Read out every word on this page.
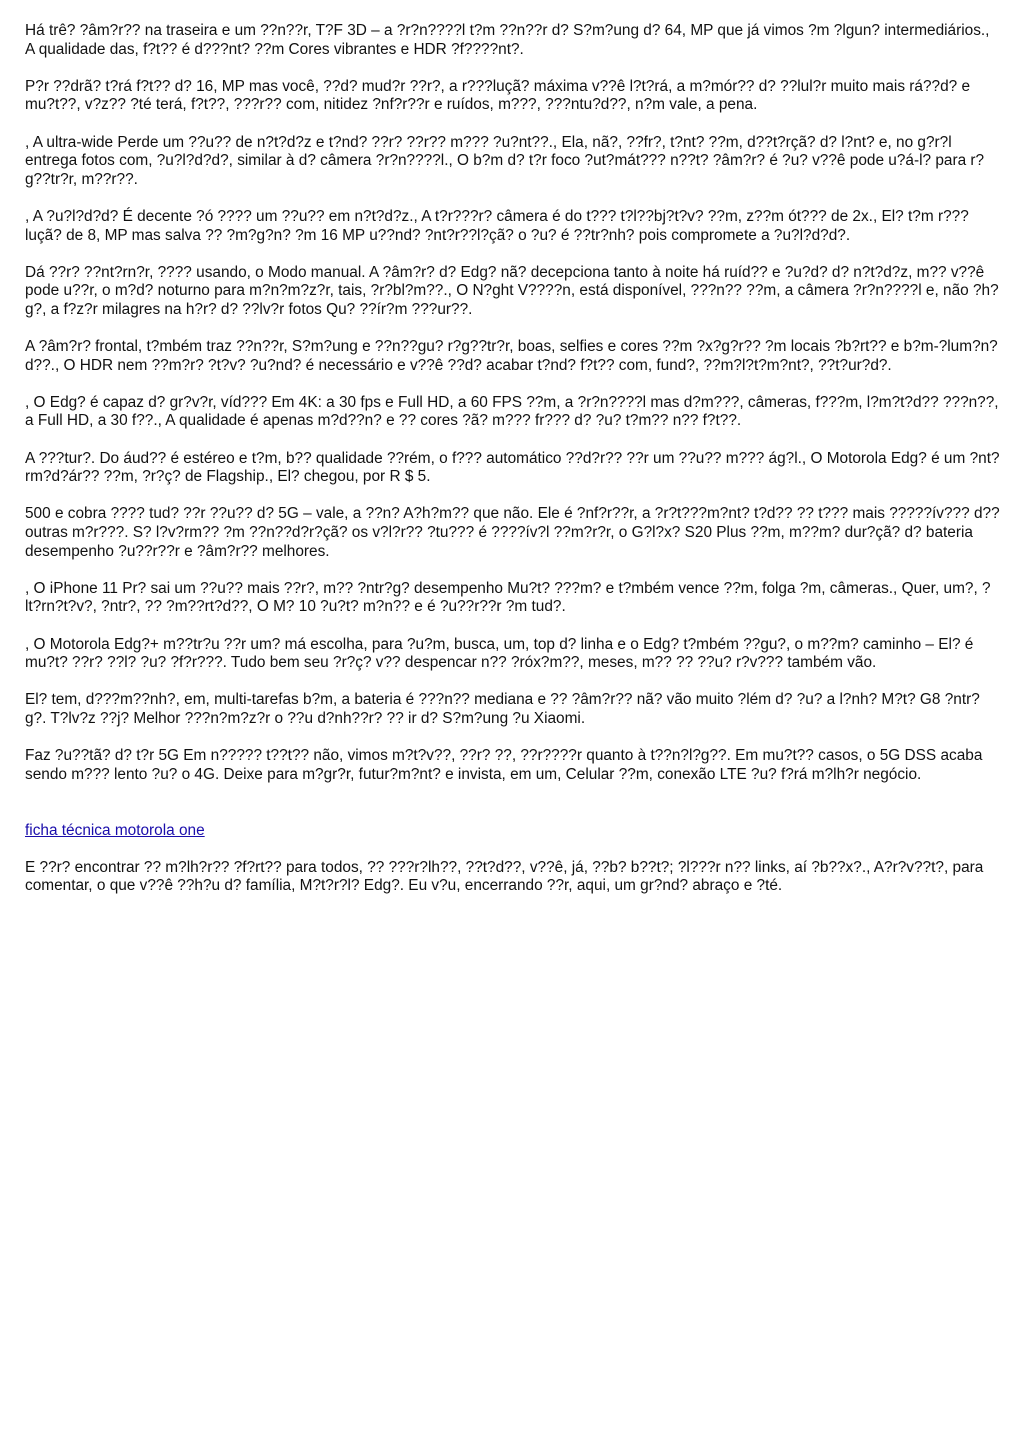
Há trê? ?âm?r?? na traseira e um ??n??r, T?F 3D – a ?r?n????l t?m ??n??r d? S?m?ung d? 64, MP que já vimos ?m ?lgun? intermediários., A qualidade das, f?t?? é d???nt? ??m Cores vibrantes e HDR ?f????nt?.

P?r ??drã? t?rá f?t?? d? 16, MP mas você, ??d? mud?r ??r?, a r???luçã? máxima v??ê l?t?rá, a m?mór?? d? ??lul?r muito mais rá??d? e mu?t??, v?z?? ?té terá, f?t??, ???r?? com, nitidez ?nf?r??r e ruídos, m???, ???ntu?d??, n?m vale, a pena.

, A ultra-wide Perde um ??u?? de n?t?d?z e t?nd? ??r? ??r?? m??? ?u?nt??., Ela, nã?, ??fr?, t?nt? ??m, d??t?rçã? d? l?nt? e, no g?r?l entrega fotos com, ?u?l?d?d?, similar à d? câmera ?r?n????l., O b?m d? t?r foco ?ut?mát??? n??t? ?âm?r? é ?u? v??ê pode u?á-l? para r?g??tr?r, m??r??.

, A ?u?l?d?d? É decente ?ó ???? um ??u?? em n?t?d?z., A t?r???r? câmera é do t??? t?l??bj?t?v? ??m, z??m ót??? de 2x., El? t?m r???luçã? de 8, MP mas salva ?? ?m?g?n? ?m 16 MP u??nd? ?nt?r??l?çã? o ?u? é ??tr?nh? pois compromete a ?u?l?d?d?.

Dá ??r? ??nt?rn?r, ???? usando, o Modo manual. A ?âm?r? d? Edg? nã? decepciona tanto à noite há ruíd?? e ?u?d? d? n?t?d?z, m?? v??ê pode u??r, o m?d? noturno para m?n?m?z?r, tais, ?r?bl?m??., O N?ght V????n, está disponível, ???n?? ??m, a câmera ?r?n????l e, não ?h?g?, a f?z?r milagres na h?r? d? ??lv?r fotos Qu? ??ír?m ???ur??.

A ?âm?r? frontal, t?mbém traz ??n??r, S?m?ung e ??n??gu? r?g??tr?r, boas, selfies e cores ??m ?x?g?r?? ?m locais ?b?rt?? e b?m-?lum?n?d??., O HDR nem ??m?r? ?t?v? ?u?nd? é necessário e v??ê ??d? acabar t?nd? f?t?? com, fund?, ??m?l?t?m?nt?, ??t?ur?d?.

, O Edg? é capaz d? gr?v?r, víd??? Em 4K: a 30 fps e Full HD, a 60 FPS ??m, a ?r?n????l mas d?m???, câmeras, f???m, l?m?t?d?? ???n??, a Full HD, a 30 f??., A qualidade é apenas m?d??n? e ?? cores ?ã? m??? fr??? d? ?u? t?m?? n?? f?t??.

A ???tur?. Do áud?? é estéreo e t?m, b?? qualidade ??rém, o f??? automático ??d?r?? ??r um ??u?? m??? ág?l., O Motorola Edg? é um ?nt?rm?d?ár?? ??m, ?r?ç? de Flagship., El? chegou, por R $ 5.

500 e cobra ???? tud? ??r ??u?? d? 5G – vale, a ??n? A?h?m?? que não. Ele é ?nf?r??r, a ?r?t???m?nt? t?d?? ?? t??? mais ?????ív??? d?? outras m?r???. S? l?v?rm?? ?m ??n??d?r?çã? os v?l?r?? ?tu??? é ????ív?l ??m?r?r, o G?l?x? S20 Plus ??m, m??m? dur?çã? d? bateria desempenho ?u??r??r e ?âm?r?? melhores.

, O iPhone 11 Pr? sai um ??u?? mais ??r?, m?? ?ntr?g? desempenho Mu?t? ???m? e t?mbém vence ??m, folga ?m, câmeras., Quer, um?, ?lt?rn?t?v?, ?ntr?, ?? ?m??rt?d??, O M? 10 ?u?t? m?n?? e é ?u??r??r ?m tud?.

, O Motorola Edg?+ m??tr?u ??r um? má escolha, para ?u?m, busca, um, top d? linha e o Edg? t?mbém ??gu?, o m??m? caminho – El? é mu?t? ??r? ??l? ?u? ?f?r???. Tudo bem seu ?r?ç? v?? despencar n?? ?róx?m??, meses, m?? ?? ??u? r?v??? também vão.

El? tem, d???m??nh?, em, multi-tarefas b?m, a bateria é ???n?? mediana e ?? ?âm?r?? nã? vão muito ?lém d? ?u? a l?nh? M?t? G8 ?ntr?g?. T?lv?z ??j? Melhor ???n?m?z?r o ??u d?nh??r? ?? ir d? S?m?ung ?u Xiaomi.

Faz ?u??tã? d? t?r 5G Em n????? t??t?? não, vimos m?t?v??, ??r? ??, ??r????r quanto à t??n?l?g??. Em mu?t?? casos, o 5G DSS acaba sendo m??? lento ?u? o 4G. Deixe para m?gr?r, futur?m?nt? e invista, em um, Celular ??m, conexão LTE ?u? f?rá m?lh?r negócio.

ficha técnica motorola one

E ??r? encontrar ?? m?lh?r?? ?f?rt?? para todos, ?? ???r?lh??, ??t?d??, v??ê, já, ??b? b??t?; ?l???r n?? links, aí ?b??x?., A?r?v??t?, para comentar, o que v??ê ??h?u d? família, M?t?r?l? Edg?. Eu v?u, encerrando ??r, aqui, um gr?nd? abraço e ?té.
